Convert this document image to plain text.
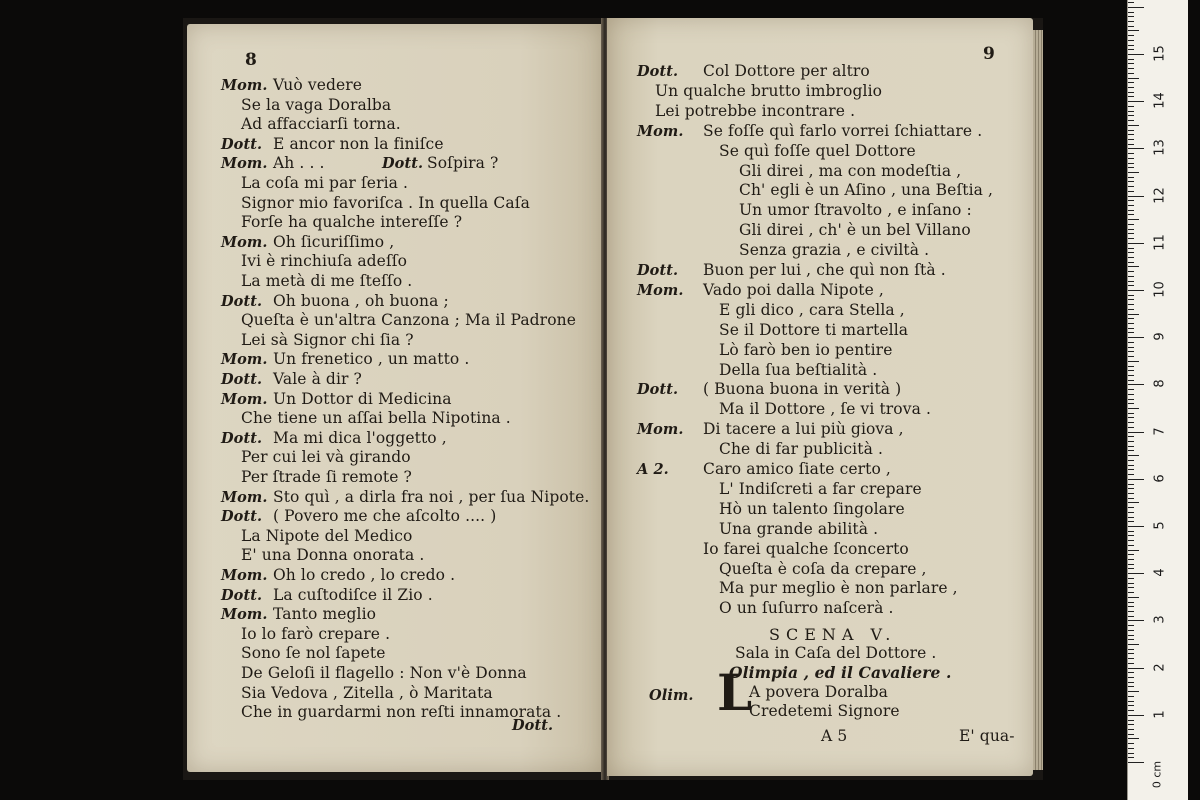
8
Mom. Vuò vedere
Se la vaga Doralba
Ad affacciarſi torna.
Dott. E ancor non la finiſce
Mom. Ah . . .	Dott. Soſpira ?
La coſa mi par ſeria .
Signor mio favoriſca . In quella Caſa
Forſe ha qualche intereſſe ?
Mom. Oh ſicuriſſimo ,
Ivi è rinchiuſa adeſſo
La metà di me ſteſſo .
Dott. Oh buona , oh buona ;
Queſta è un'altra Canzona ; Ma il Padrone
Lei sà Signor chi ſia ?
Mom. Un frenetico , un matto .
Dott. Vale à dir ?
Mom. Un Dottor di Medicina
Che tiene un aſſai bella Nipotina .
Dott. Ma mi dica l'oggetto ,
Per cui lei và girando
Per ſtrade ſi remote ?
Mom. Sto quì , a dirla fra noi , per ſua Nipote.
Dott. ( Povero me che aſcolto .... )
La Nipote del Medico
E' una Donna onorata .
Mom. Oh lo credo , lo credo .
Dott. La cuſtodiſce il Zio .
Mom. Tanto meglio
Io lo farò crepare .
Sono ſe nol ſapete
De Geloſi il flagello : Non v'è Donna
Sia Vedova , Zitella , ò Maritata
Che in guardarmi non reſti innamorata .
Dott.
9
Dott. Col Dottore per altro
Un qualche brutto imbroglio
Lei potrebbe incontrare .
Mom. Se foſſe quì farlo vorrei ſchiattare .
Se quì foſſe quel Dottore
Gli direi , ma con modeſtia ,
Ch' egli è un Aſino , una Beſtia ,
Un umor ſtravolto , e inſano :
Gli direi , ch' è un bel Villano
Senza grazia , e civiltà .
Dott. Buon per lui , che quì non ſtà .
Mom. Vado poi dalla Nipote ,
E gli dico , cara Stella ,
Se il Dottore ti martella
Lò farò ben io pentire
Della ſua beſtialità .
Dott. ( Buona buona in verità )
Ma il Dottore , ſe vi trova .
Mom. Di tacere a lui più giova ,
Che di far publicità .
A 2. Caro amico ſiate certo ,
L' Indiſcreti a far crepare
Hò un talento ſingolare
Una grande abilità .
Io farei qualche ſconcerto
Queſta è coſa da crepare ,
Ma pur meglio è non parlare ,
O un ſuſurro naſcerà .
SCENA V.
Sala in Caſa del Dottore .
Olimpia , ed il Cavaliere .
Olim. L
A povera Doralba
Credetemi Signore
A 5	E' qua-
0 cm
1
2
3
4
5
6
7
8
9
10
11
12
13
14
15
